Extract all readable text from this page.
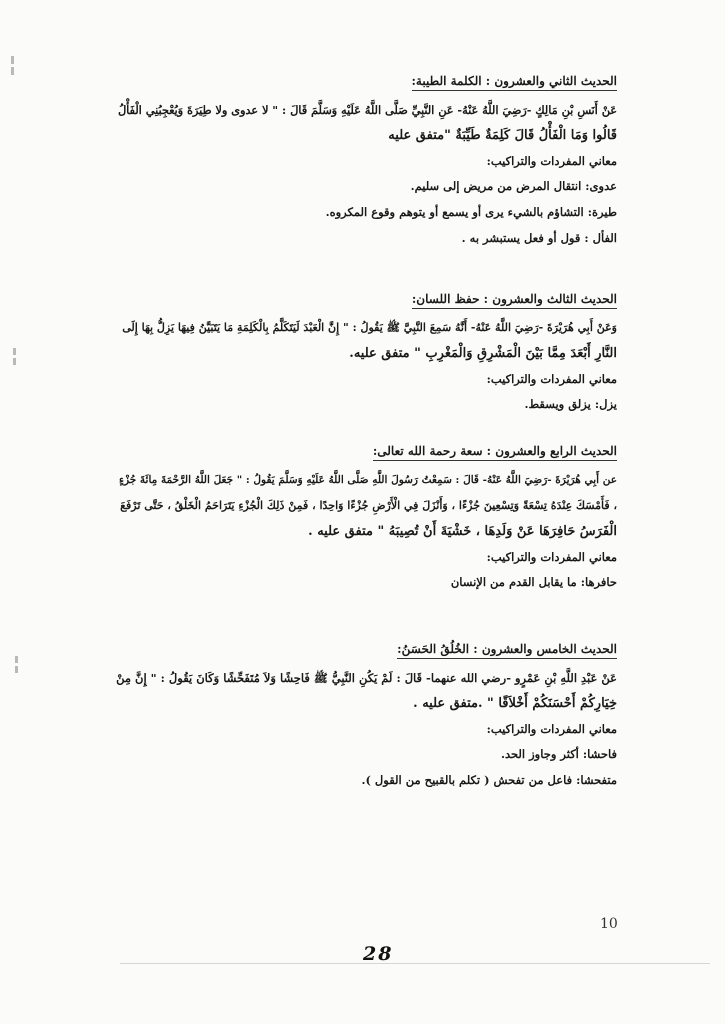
الحديث الثاني والعشرون : الكلمة الطيبة:
عَنْ أَنَسِ بْنِ مَالِكٍ -رَضِيَ اللَّهُ عَنْهُ- عَنِ النَّبِيِّ صَلَّى اللَّهُ عَلَيْهِ وَسَلَّمَ قَالَ : " لا عدوى ولا طِيَرَةَ وَيُعْجِبُنِي الْفَأْلُ
قَالُوا وَمَا الْفَأْلُ قَالَ كَلِمَةٌ طَيِّبَةٌ "متفق عليه
معاني المفردات والتراكيب:
عدوى: انتقال المرض من مريض إلى سليم.
طيرة: التشاؤم بالشيء يرى أو يسمع أو يتوهم وقوع المكروه.
الفأل : قول أو فعل يستبشر به .
الحديث الثالث والعشرون : حفظ اللسان:
وَعَنْ أَبِي هُرَيْرَةَ -رَضِيَ اللَّهُ عَنْهُ- أَنَّهُ سَمِعَ النَّبِيَّ ﷺ يَقُولُ : " إِنَّ الْعَبْدَ لَيَتَكَلَّمُ بِالْكَلِمَةِ مَا يَتَبَيَّنُ فِيهَا يَزِلُّ بِهَا إِلَى
النَّارِ أَبْعَدَ مِمَّا بَيْنَ الْمَشْرِقِ وَالْمَغْرِبِ " متفق عليه.
معاني المفردات والتراكيب:
يزل: يزلق ويسقط.
الحديث الرابع والعشرون : سعة رحمة الله تعالى:
عن أَبِي هُرَيْرَةَ -رَضِيَ اللَّهُ عَنْهُ- قَالَ : سَمِعْتُ رَسُولَ اللَّهِ صَلَّى اللَّهُ عَلَيْهِ وَسَلَّمَ يَقُولُ : " جَعَلَ اللَّهُ الرَّحْمَةَ مِائَةَ جُزْءٍ
، فَأَمْسَكَ عِنْدَهُ تِسْعَةً وَتِسْعِينَ جُزْءًا ، وَأَنْزَلَ فِي الْأَرْضِ جُزْءًا وَاحِدًا ، فَمِنْ ذَلِكَ الْجُزْءِ يَتَرَاحَمُ الْخَلْقُ ، حَتَّى تَرْفَعَ
الْفَرَسُ حَافِرَهَا عَنْ وَلَدِهَا ، خَشْيَةَ أَنْ تُصِيبَهُ " متفق عليه .
معاني المفردات والتراكيب:
حافرها: ما يقابل القدم من الإنسان
الحديث الخامس والعشرون : الخُلُقُ الحَسَنُ:
عَنْ عَبْدِ اللَّهِ بْنِ عَمْرٍو -رضي الله عنهما- قَالَ : لَمْ يَكُنِ النَّبِيُّ ﷺ فَاحِشًا وَلاَ مُتَفَحِّشًا وَكَانَ يَقُولُ : " إِنَّ مِنْ
خِيَارِكُمْ أَحْسَنَكُمْ أَخْلاَقًا " .متفق عليه .
معاني المفردات والتراكيب:
فاحشا: أكثر وجاوز الحد.
متفحشا: فاعل من تفحش ( تكلم بالقبيح من القول ).
10
28
